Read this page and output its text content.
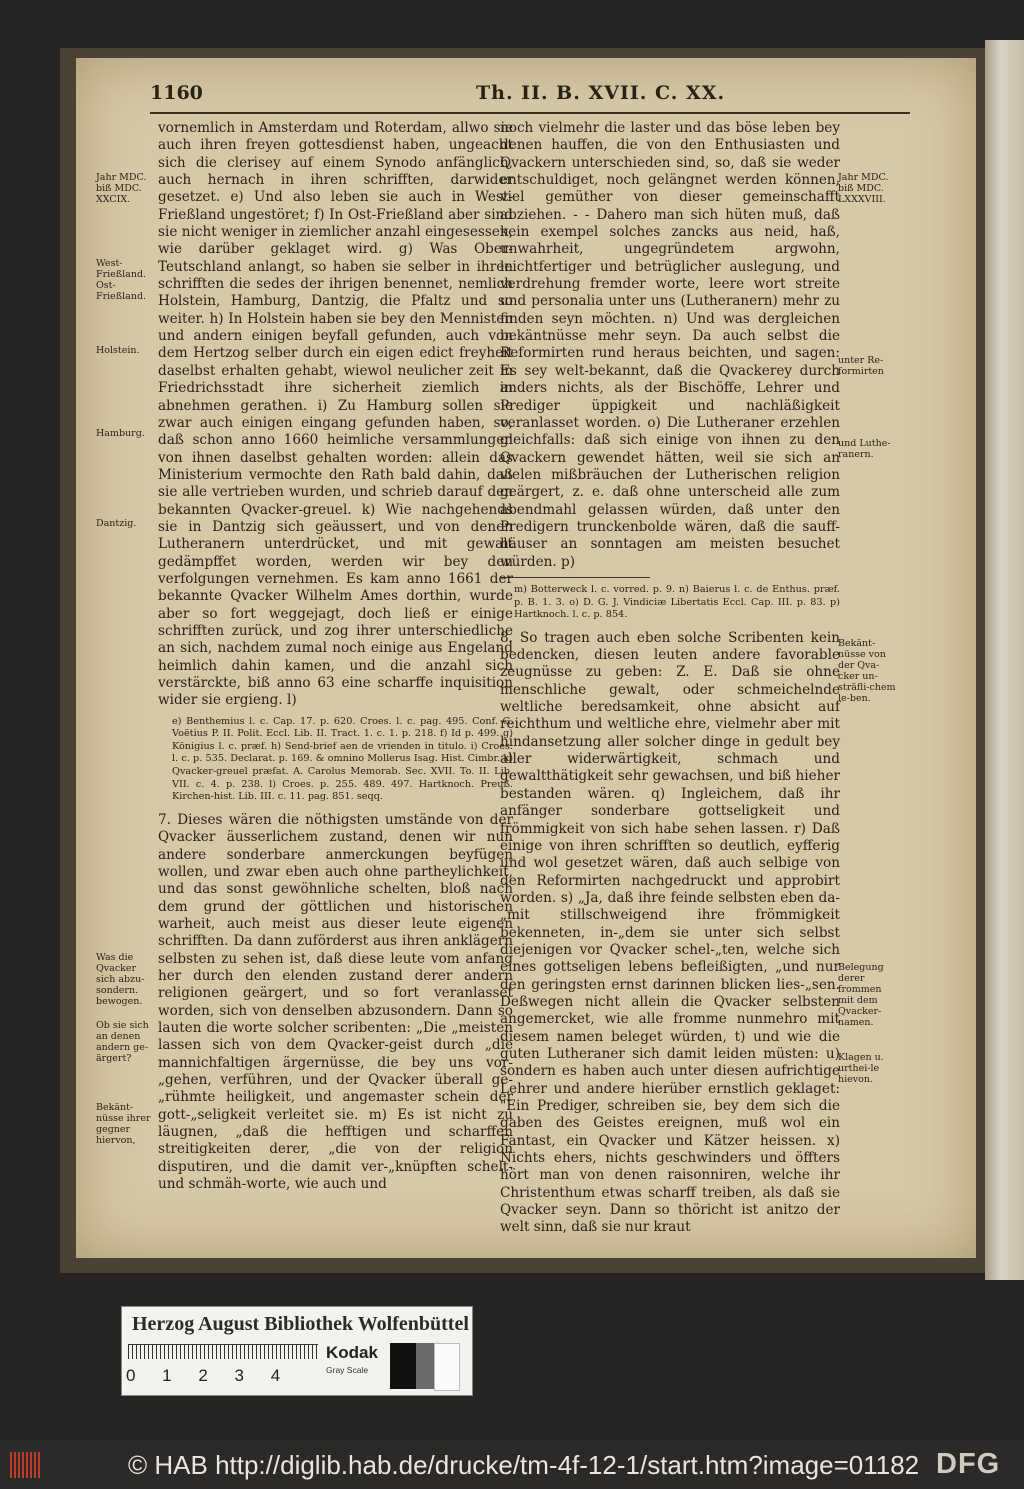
1160	Th. II. B. XVII. C. XX.
Jahr MDC. biß MDC. XXCIX.
West-Frießland. Ost-Frießland.
Holstein.
Hamburg.
Dantzig.
Was die Qvacker sich abzu-sondern. bewogen.
Ob sie sich an denen andern ge-ärgert?
Bekänt-nüsse ihrer gegner hiervon,

vornemlich in Amsterdam und Roterdam, allwo sie auch ihren freyen gottesdienst haben, ungeacht sich die clerisey auf einem Synodo anfänglich, auch hernach in ihren schrifften, darwider gesetzet. e) Und also leben sie auch in West-Frießland ungestöret; f) In Ost-Frießland aber sind sie nicht weniger in ziemlicher anzahl eingesessen, wie darüber geklaget wird. g) Was Ober-Teutschland anlangt, so haben sie selber in ihren schrifften die sedes der ihrigen benennet, nemlich Holstein, Hamburg, Dantzig, die Pfaltz und so weiter. h) In Holstein haben sie bey den Mennisten und andern einigen beyfall gefunden, auch von dem Hertzog selber durch ein eigen edict freyheit daselbst erhalten gehabt, wiewol neulicher zeit in Friedrichsstadt ihre sicherheit ziemlich in abnehmen gerathen. i) Zu Hamburg sollen sie zwar auch einigen eingang gefunden haben, so, daß schon anno 1660 heimliche versammlungen von ihnen daselbst gehalten worden: allein das Ministerium vermochte den Rath bald dahin, daß sie alle vertrieben wurden, und schrieb darauf den bekannten Qvacker-greuel. k) Wie nachgehends sie in Dantzig sich geäussert, und von denen Lutheranern unterdrücket, und mit gewalt gedämpffet worden, werden wir bey den verfolgungen vernehmen. Es kam anno 1661 der bekannte Qvacker Wilhelm Ames dorthin, wurde aber so fort weggejagt, doch ließ er einige schrifften zurück, und zog ihrer unterschiedliche an sich, nachdem zumal noch einige aus Engeland heimlich dahin kamen, und die anzahl sich verstärckte, biß anno 63 eine scharffe inquisition wider sie ergieng. l)

e) Benthemius l. c. Cap. 17. p. 620. Croes. l. c. pag. 495. Conf. G. Voëtius P. II. Polit. Eccl. Lib. II. Tract. 1. c. 1. p. 218. f) Id p. 499. g) Königius l. c. præf. h) Send-brief aen de vrienden in titulo. i) Croes. l. c. p. 535. Declarat. p. 169. & omnino Mollerus Isag. Hist. Cimbr. k) Qvacker-greuel præfat. A. Carolus Memorab. Sec. XVII. To. II. Lib. VII. c. 4. p. 238. l) Croes. p. 255. 489. 497. Hartknoch. Preuß. Kirchen-hist. Lib. III. c. 11. pag. 851. seqq.

7. Dieses wären die nöthigsten umstände von der Qvacker äusserlichem zustand, denen wir nun andere sonderbare anmerckungen beyfügen wollen, und zwar eben auch ohne partheylichkeit, und das sonst gewöhnliche schelten, bloß nach dem grund der göttlichen und historischen warheit, auch meist aus dieser leute eigenen schrifften. Da dann zuförderst aus ihren anklägern selbsten zu sehen ist, daß diese leute vom anfang her durch den elenden zustand derer andern religionen geärgert, und so fort veranlasset worden, sich von denselben abzusondern. Dann so lauten die worte solcher scribenten: „Die „meisten lassen sich von dem Qvacker-geist durch „die mannichfaltigen ärgernüsse, die bey uns vor-„gehen, verführen, und der Qvacker überall ge-„rühmte heiligkeit, und angemaster schein der gott-„seligkeit verleitet sie. m) Es ist nicht zu läugnen, „daß die hefftigen und scharffen streitigkeiten derer, „die von der religion disputiren, und die damit ver-„knüpften schelt- und schmäh-worte, wie auch und

noch vielmehr die laster und das böse leben bey denen hauffen, die von den Enthusiasten und Qvackern unterschieden sind, so, daß sie weder entschuldiget, noch gelängnet werden können, viel gemüther von dieser gemeinschafft abziehen. - - Dahero man sich hüten muß, daß kein exempel solches zancks aus neid, haß, unwahrheit, ungegründetem argwohn, leichtfertiger und betrüglicher auslegung, und verdrehung fremder worte, leere wort streite und personalia unter uns (Lutheranern) mehr zu finden seyn möchten. n) Und was dergleichen bekäntnüsse mehr seyn. Da auch selbst die Reformirten rund heraus beichten, und sagen: Es sey welt-bekannt, daß die Qvackerey durch anders nichts, als der Bischöffe, Lehrer und Prediger üppigkeit und nachläßigkeit veranlasset worden. o) Die Lutheraner erzehlen gleichfalls: daß sich einige von ihnen zu den Qvackern gewendet hätten, weil sie sich an vielen mißbräuchen der Lutherischen religion geärgert, z. e. daß ohne unterscheid alle zum abendmahl gelassen würden, daß unter den Predigern trunckenbolde wären, daß die sauff-häuser an sonntagen am meisten besuchet würden. p)

m) Botterweck l. c. vorred. p. 9. n) Baierus l. c. de Enthus. præf. p. B. 1. 3. o) D. G. J. Vindiciæ Libertatis Eccl. Cap. III. p. 83. p) Hartknoch. l. c. p. 854.

8. So tragen auch eben solche Scribenten kein bedencken, diesen leuten andere favorable zeugnüsse zu geben: Z. E. Daß sie ohne menschliche gewalt, oder schmeichelnde weltliche beredsamkeit, ohne absicht auf reichthum und weltliche ehre, vielmehr aber mit hindansetzung aller solcher dinge in gedult bey aller widerwärtigkeit, schmach und gewaltthätigkeit sehr gewachsen, und biß hieher bestanden wären. q) Ingleichem, daß ihr anfänger sonderbare gottseligkeit und frömmigkeit von sich habe sehen lassen. r) Daß einige von ihren schrifften so deutlich, eyfferig und wol gesetzet wären, daß auch selbige von den Reformirten nachgedruckt und approbirt worden. s) „Ja, daß ihre feinde selbsten eben da-„mit stillschweigend ihre frömmigkeit bekenneten, in-„dem sie unter sich selbst diejenigen vor Qvacker schel-„ten, welche sich eines gottseligen lebens befleißigten, „und nur den geringsten ernst darinnen blicken lies-„sen. Deßwegen nicht allein die Qvacker selbsten angemercket, wie alle fromme nunmehro mit diesem namen beleget würden, t) und wie die guten Lutheraner sich damit leiden müsten: u) sondern es haben auch unter diesen aufrichtige Lehrer und andere hierüber ernstlich geklaget: "Ein Prediger, schreiben sie, bey dem sich die gaben des Geistes ereignen, muß wol ein Fantast, ein Qvacker und Kätzer heissen. x) Nichts ehers, nichts geschwinders und öffters hört man von denen raisonniren, welche ihr Christenthum etwas scharff treiben, als daß sie Qvacker seyn. Dann so thöricht ist anitzo der welt sinn, daß sie nur kraut

Jahr MDC. biß MDC. LXXXVIII.
unter Re-formirten
und Luthe-ranern.
Bekänt-nüsse von der Qva-cker un-sträfli-chem le-ben.
Belegung derer frommen mit dem Qvacker-namen.
Klagen u. urthei-le hievon.
Herzog August Bibliothek Wolfenbüttel
0 1 2 3 4
Kodak
Gray Scale
© HAB http://diglib.hab.de/drucke/tm-4f-12-1/start.htm?image=01182 DFG
